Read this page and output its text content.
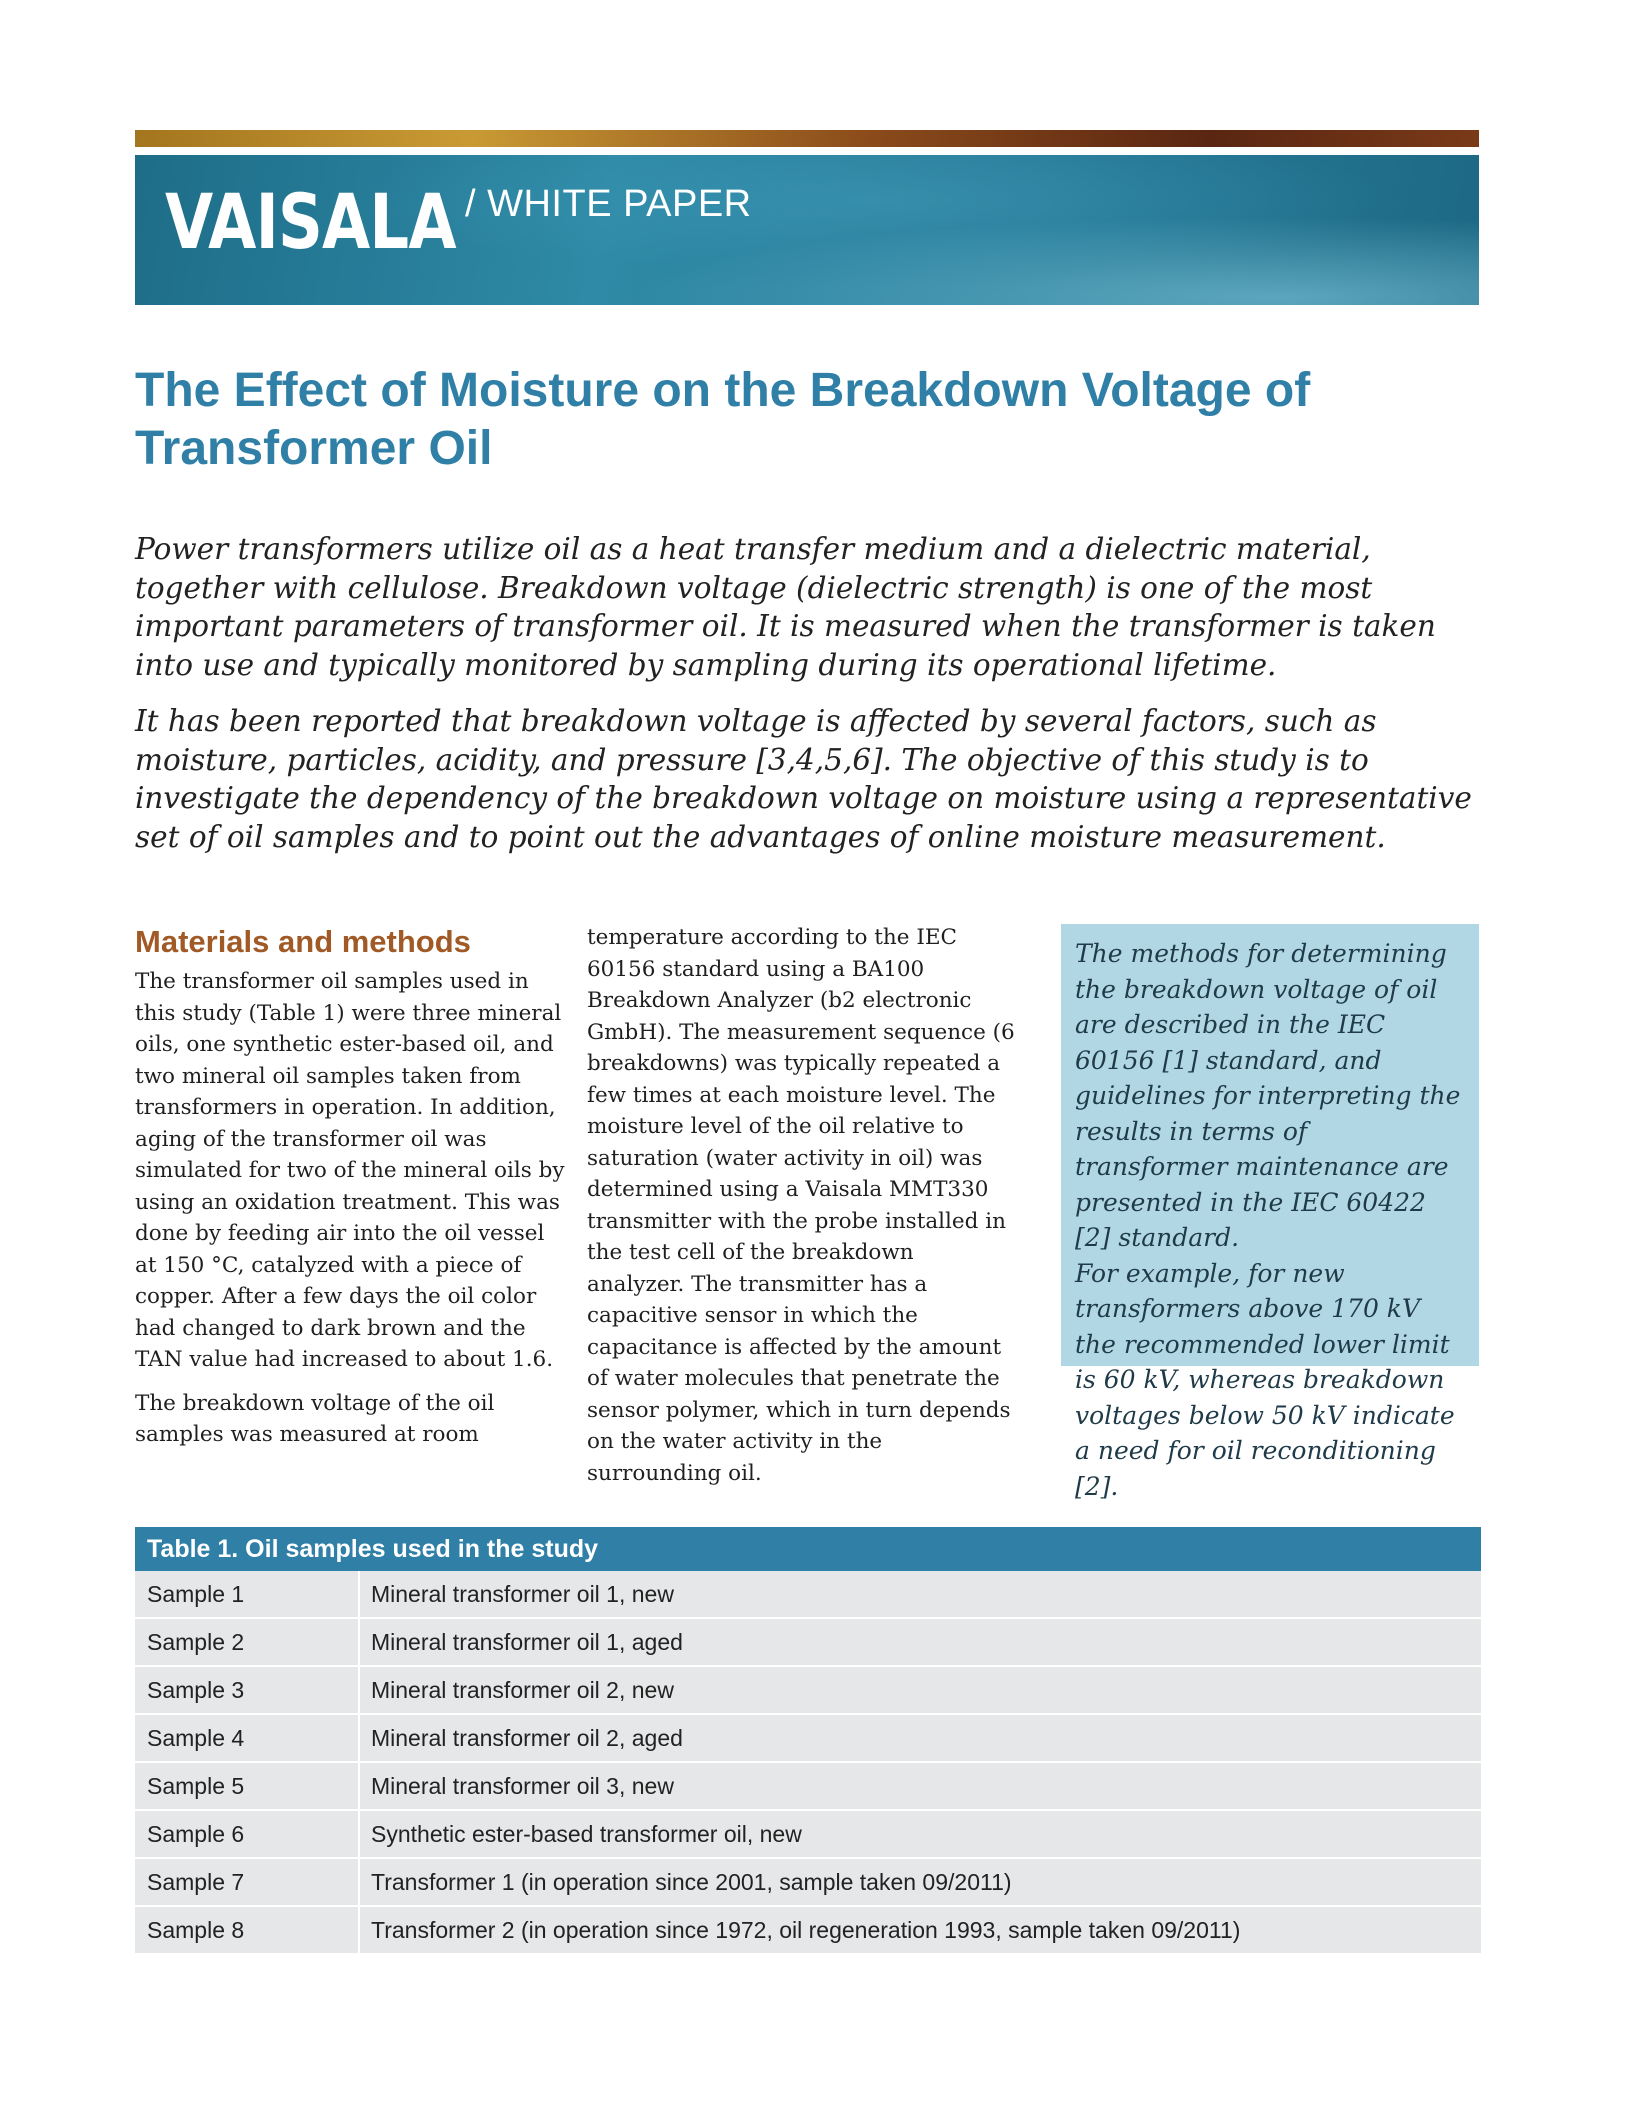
VAISALA / WHITE PAPER
The Effect of Moisture on the Breakdown Voltage of Transformer Oil

Power transformers utilize oil as a heat transfer medium and a dielectric material, together with cellulose. Breakdown voltage (dielectric strength) is one of the most important parameters of transformer oil. It is measured when the transformer is taken into use and typically monitored by sampling during its operational lifetime.

It has been reported that breakdown voltage is affected by several factors, such as moisture, particles, acidity, and pressure [3,4,5,6]. The objective of this study is to investigate the dependency of the breakdown voltage on moisture using a representative set of oil samples and to point out the advantages of online moisture measurement.

Materials and methods

The transformer oil samples used in this study (Table 1) were three mineral oils, one synthetic ester-based oil, and two mineral oil samples taken from transformers in operation. In addition, aging of the transformer oil was simulated for two of the mineral oils by using an oxidation treatment. This was done by feeding air into the oil vessel at 150 °C, catalyzed with a piece of copper. After a few days the oil color had changed to dark brown and the TAN value had increased to about 1.6.

The breakdown voltage of the oil samples was measured at room

temperature according to the IEC 60156 standard using a BA100 Breakdown Analyzer (b2 electronic GmbH). The measurement sequence (6 breakdowns) was typically repeated a few times at each moisture level. The moisture level of the oil relative to saturation (water activity in oil) was determined using a Vaisala MMT330 transmitter with the probe installed in the test cell of the breakdown analyzer. The transmitter has a capacitive sensor in which the capacitance is affected by the amount of water molecules that penetrate the sensor polymer, which in turn depends on the water activity in the surrounding oil.

The methods for determining the breakdown voltage of oil are described in the IEC 60156 [1] standard, and guidelines for interpreting the results in terms of transformer maintenance are presented in the IEC 60422 [2] standard.

For example, for new transformers above 170 kV the recommended lower limit is 60 kV, whereas breakdown voltages below 50 kV indicate a need for oil reconditioning [2].

Table 1. Oil samples used in the study
Sample 1	Mineral transformer oil 1, new
Sample 2	Mineral transformer oil 1, aged
Sample 3	Mineral transformer oil 2, new
Sample 4	Mineral transformer oil 2, aged
Sample 5	Mineral transformer oil 3, new
Sample 6	Synthetic ester-based transformer oil, new
Sample 7	Transformer 1 (in operation since 2001, sample taken 09/2011)
Sample 8	Transformer 2 (in operation since 1972, oil regeneration 1993, sample taken 09/2011)
